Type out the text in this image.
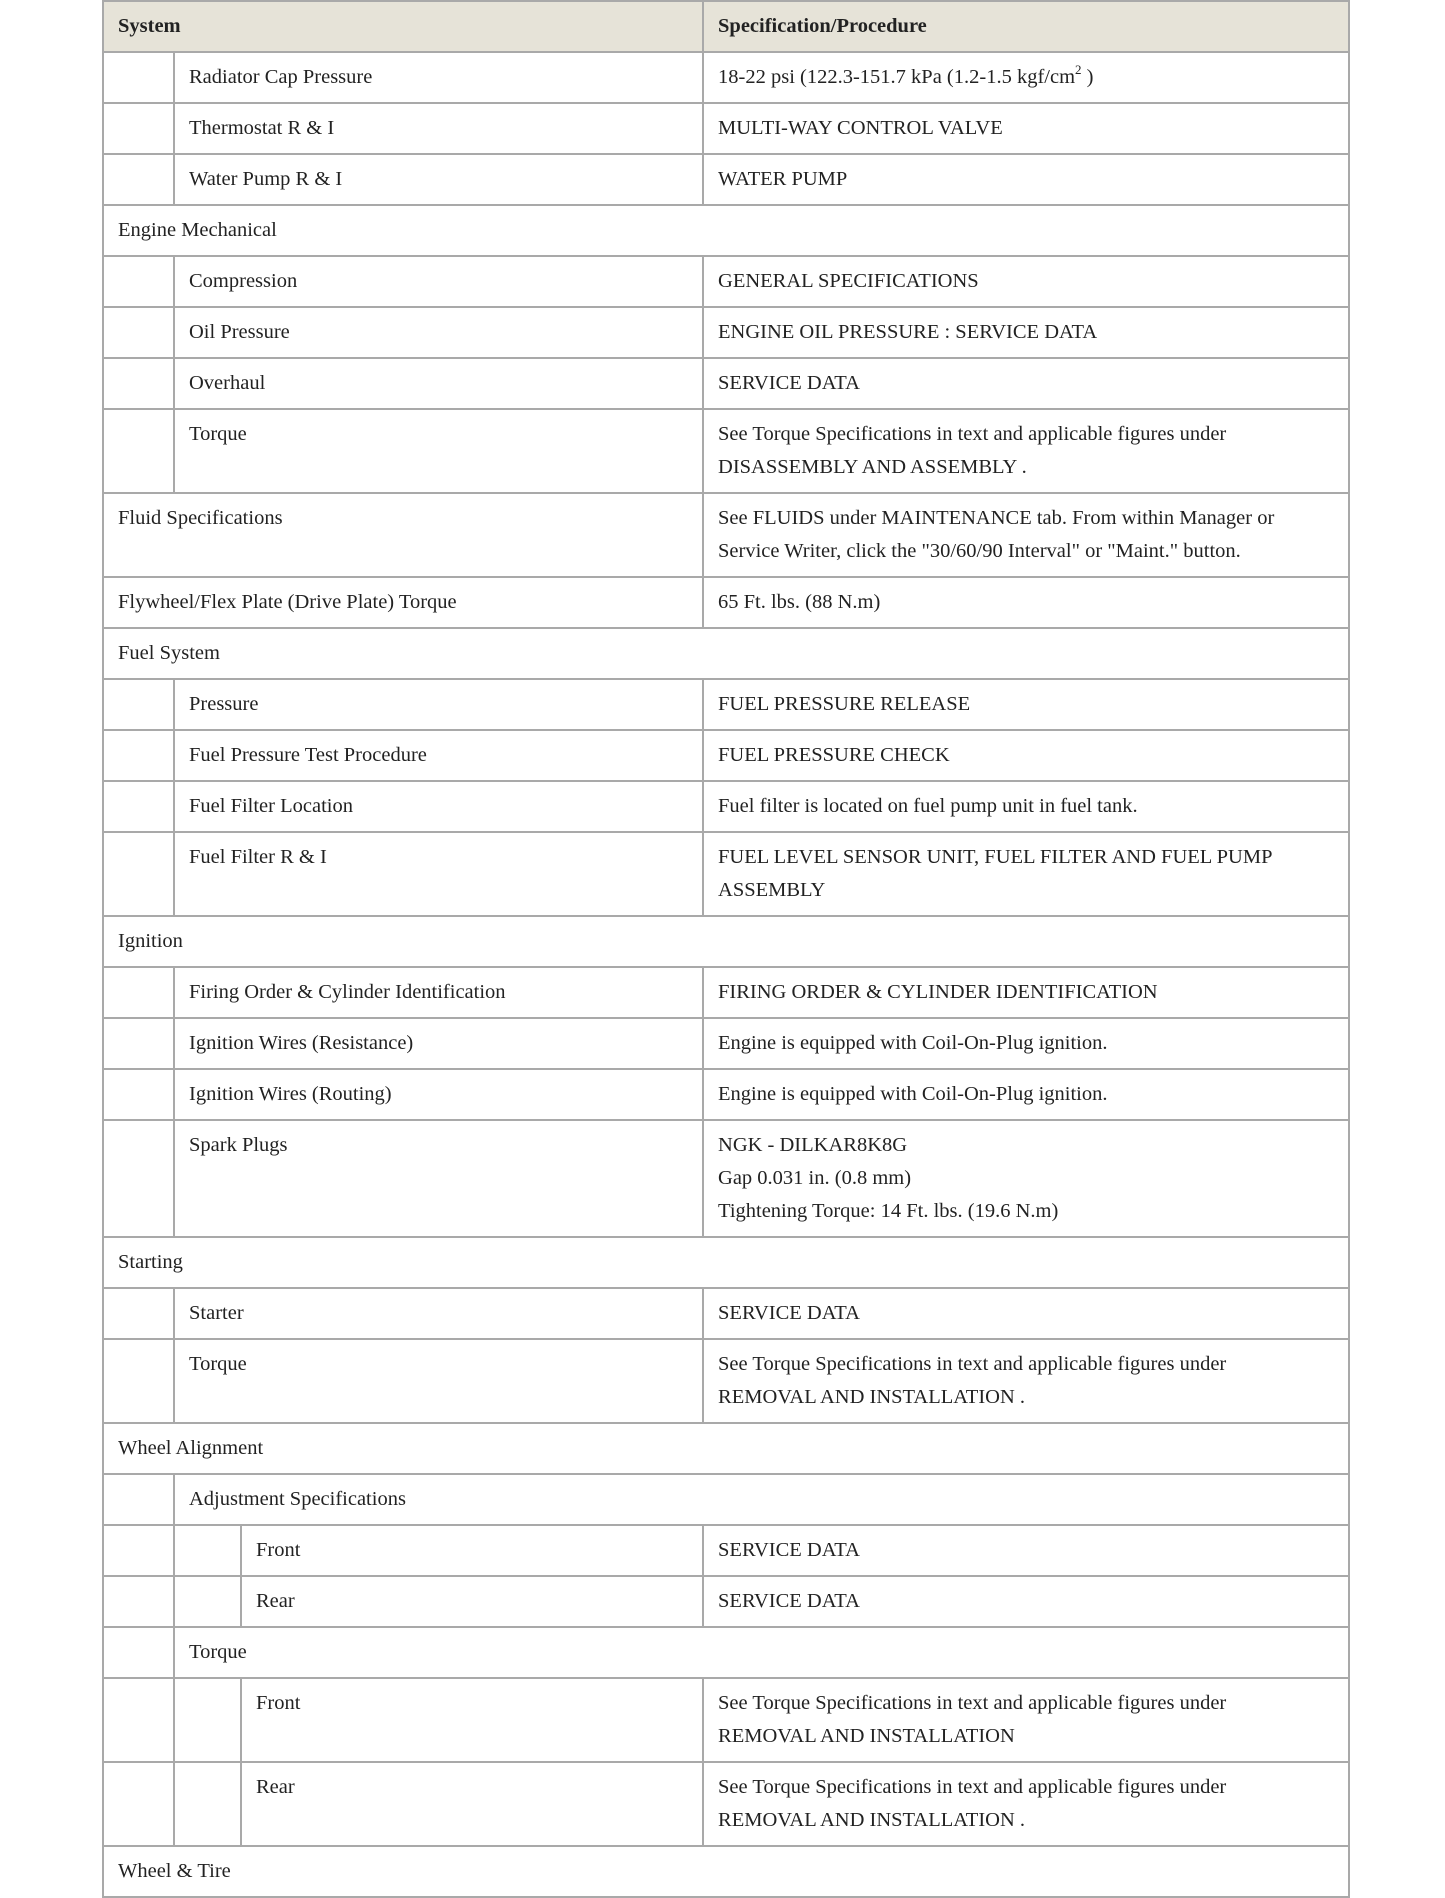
System			Specification/Procedure
	Radiator Cap Pressure		18-22 psi (122.3-151.7 kPa (1.2-1.5 kgf/$cm^2$ )

	Thermostat R & I		MULTI-WAY CONTROL VALVE

	Water Pump R & I		WATER PUMP

Engine Mechanical			
	Compression		GENERAL SPECIFICATIONS

	Oil Pressure		ENGINE OIL PRESSURE : SERVICE DATA

	Overhaul		SERVICE DATA

	Torque		See Torque Specifications in text and applicable figures under
DISASSEMBLY AND ASSEMBLY .

Fluid Specifications			See FLUIDS under MAINTENANCE tab. From within Manager or
Service Writer, click the "30/60/90 Interval" or "Maint." button.

Flywheel/Flex Plate (Drive Plate) Torque			65 Ft. lbs. (88 N.m)

Fuel System			
	Pressure		FUEL PRESSURE RELEASE

	Fuel Pressure Test Procedure		FUEL PRESSURE CHECK

	Fuel Filter Location		Fuel filter is located on fuel pump unit in fuel tank.

	Fuel Filter R & I		FUEL LEVEL SENSOR UNIT, FUEL FILTER AND FUEL PUMP
ASSEMBLY

Ignition			
	Firing Order & Cylinder Identification		FIRING ORDER & CYLINDER IDENTIFICATION

	Ignition Wires (Resistance)		Engine is equipped with Coil-On-Plug ignition.

	Ignition Wires (Routing)		Engine is equipped with Coil-On-Plug ignition.

	Spark Plugs		NGK - DILKAR8K8G
Gap 0.031 in. (0.8 mm)
Tightening Torque: 14 Ft. lbs. (19.6 N.m)

Starting			
	Starter		SERVICE DATA

	Torque		See Torque Specifications in text and applicable figures under
REMOVAL AND INSTALLATION .

Wheel Alignment			
	Adjustment Specifications		
		Front	SERVICE DATA

		Rear	SERVICE DATA

	Torque		
		Front	See Torque Specifications in text and applicable figures under
REMOVAL AND INSTALLATION

		Rear	See Torque Specifications in text and applicable figures under
REMOVAL AND INSTALLATION .

Wheel & Tire			
